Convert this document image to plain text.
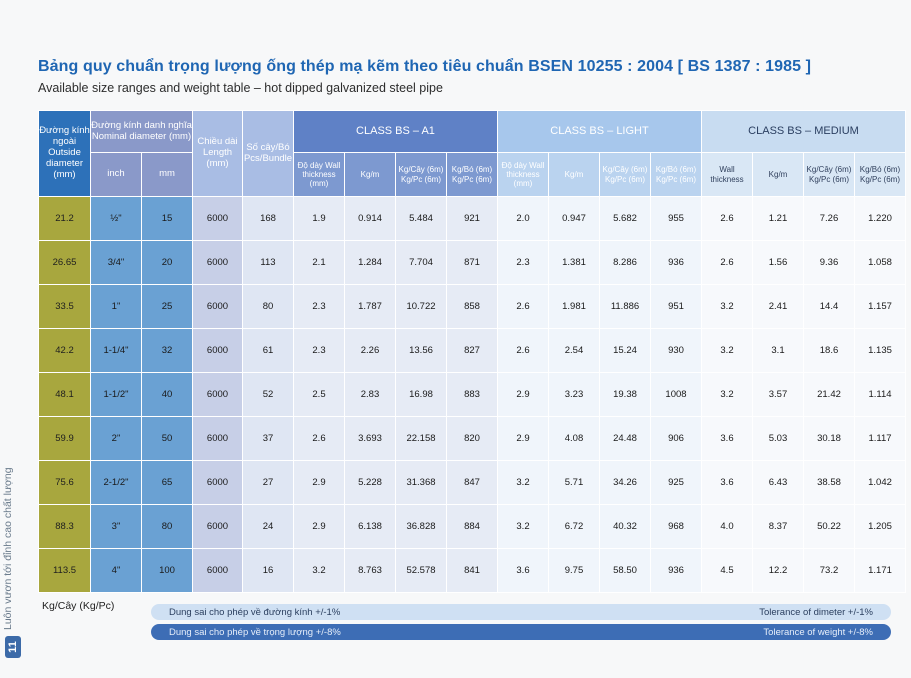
Bảng quy chuẩn trọng lượng ống thép mạ kẽm theo tiêu chuẩn BSEN 10255 : 2004 [ BS 1387 : 1985 ]
Available size ranges and weight table – hot dipped galvanized steel pipe
Luôn vươn tới đỉnh cao chất lượng
11
Đường kính ngoài Outside diameter (mm)	Đường kính danh nghĩa Nominal diameter (mm)		Chiều dài Length (mm)	Số cây/Bó Pcs/Bundle	CLASS BS – A1				CLASS BS – LIGHT				CLASS BS – MEDIUM			
	inch	mm			Độ dày Wall thickness (mm)	Kg/m	Kg/Cây (6m) Kg/Pc (6m)	Kg/Bó (6m) Kg/Pc (6m)	Độ dày Wall thickness (mm)	Kg/m	Kg/Cây (6m) Kg/Pc (6m)	Kg/Bó (6m) Kg/Pc (6m)	Wall thickness	Kg/m	Kg/Cây (6m) Kg/Pc (6m)	Kg/Bó (6m) Kg/Pc (6m)
21.2	½"	15	6000	168	1.9	0.914	5.484	921	2.0	0.947	5.682	955	2.6	1.21	7.26	1.220
26.65	3/4"	20	6000	113	2.1	1.284	7.704	871	2.3	1.381	8.286	936	2.6	1.56	9.36	1.058
33.5	1"	25	6000	80	2.3	1.787	10.722	858	2.6	1.981	11.886	951	3.2	2.41	14.4	1.157
42.2	1-1/4"	32	6000	61	2.3	2.26	13.56	827	2.6	2.54	15.24	930	3.2	3.1	18.6	1.135
48.1	1-1/2"	40	6000	52	2.5	2.83	16.98	883	2.9	3.23	19.38	1008	3.2	3.57	21.42	1.114
59.9	2"	50	6000	37	2.6	3.693	22.158	820	2.9	4.08	24.48	906	3.6	5.03	30.18	1.117
75.6	2-1/2"	65	6000	27	2.9	5.228	31.368	847	3.2	5.71	34.26	925	3.6	6.43	38.58	1.042
88.3	3"	80	6000	24	2.9	6.138	36.828	884	3.2	6.72	40.32	968	4.0	8.37	50.22	1.205
113.5	4"	100	6000	16	3.2	8.763	52.578	841	3.6	9.75	58.50	936	4.5	12.2	73.2	1.171
Kg/Cây (Kg/Pc)	Dung sai cho phép về đường kính +/-1%	Tolerance of dimeter +/-1%
Dung sai cho phép về trọng lượng +/-8%	Tolerance of weight +/-8%
